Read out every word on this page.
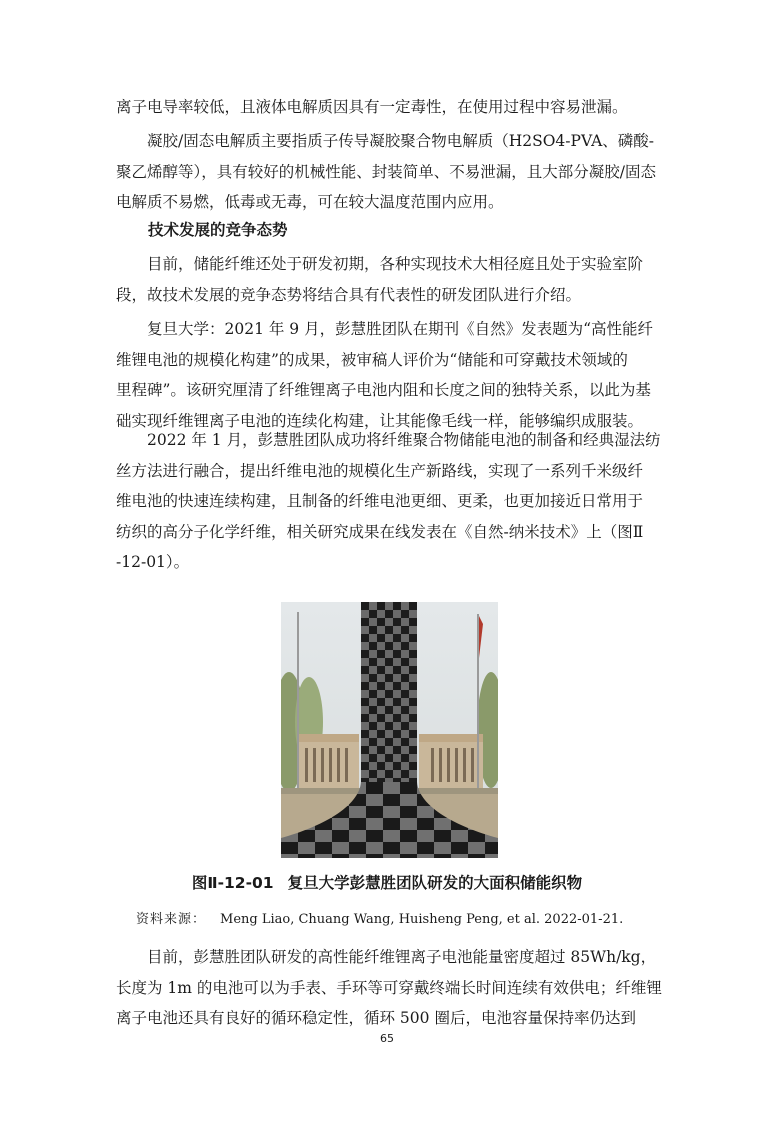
离子电导率较低，且液体电解质因具有一定毒性，在使用过程中容易泄漏。
　　凝胶/固态电解质主要指质子传导凝胶聚合物电解质（H2SO4-PVA、磷酸-
聚乙烯醇等），具有较好的机械性能、封装简单、不易泄漏，且大部分凝胶/固态
电解质不易燃，低毒或无毒，可在较大温度范围内应用。
技术发展的竞争态势
　　目前，储能纤维还处于研发初期，各种实现技术大相径庭且处于实验室阶
段，故技术发展的竞争态势将结合具有代表性的研发团队进行介绍。
　　复旦大学：2021 年 9 月，彭慧胜团队在期刊《自然》发表题为“高性能纤
维锂电池的规模化构建”的成果，被审稿人评价为“储能和可穿戴技术领域的
里程碑”。该研究厘清了纤维锂离子电池内阻和长度之间的独特关系，以此为基
础实现纤维锂离子电池的连续化构建，让其能像毛线一样，能够编织成服装。
　　2022 年 1 月，彭慧胜团队成功将纤维聚合物储能电池的制备和经典湿法纺
丝方法进行融合，提出纤维电池的规模化生产新路线，实现了一系列千米级纤
维电池的快速连续构建，且制备的纤维电池更细、更柔，也更加接近日常用于
纺织的高分子化学纤维，相关研究成果在线发表在《自然-纳米技术》上（图Ⅱ
-12-01）。
图Ⅱ-12-01 复旦大学彭慧胜团队研发的大面积储能织物
资料来源： Meng Liao, Chuang Wang, Huisheng Peng, et al. 2022-01-21.
　　目前，彭慧胜团队研发的高性能纤维锂离子电池能量密度超过 85Wh/kg，
长度为 1m 的电池可以为手表、手环等可穿戴终端长时间连续有效供电；纤维锂
离子电池还具有良好的循环稳定性，循环 500 圈后，电池容量保持率仍达到
65
